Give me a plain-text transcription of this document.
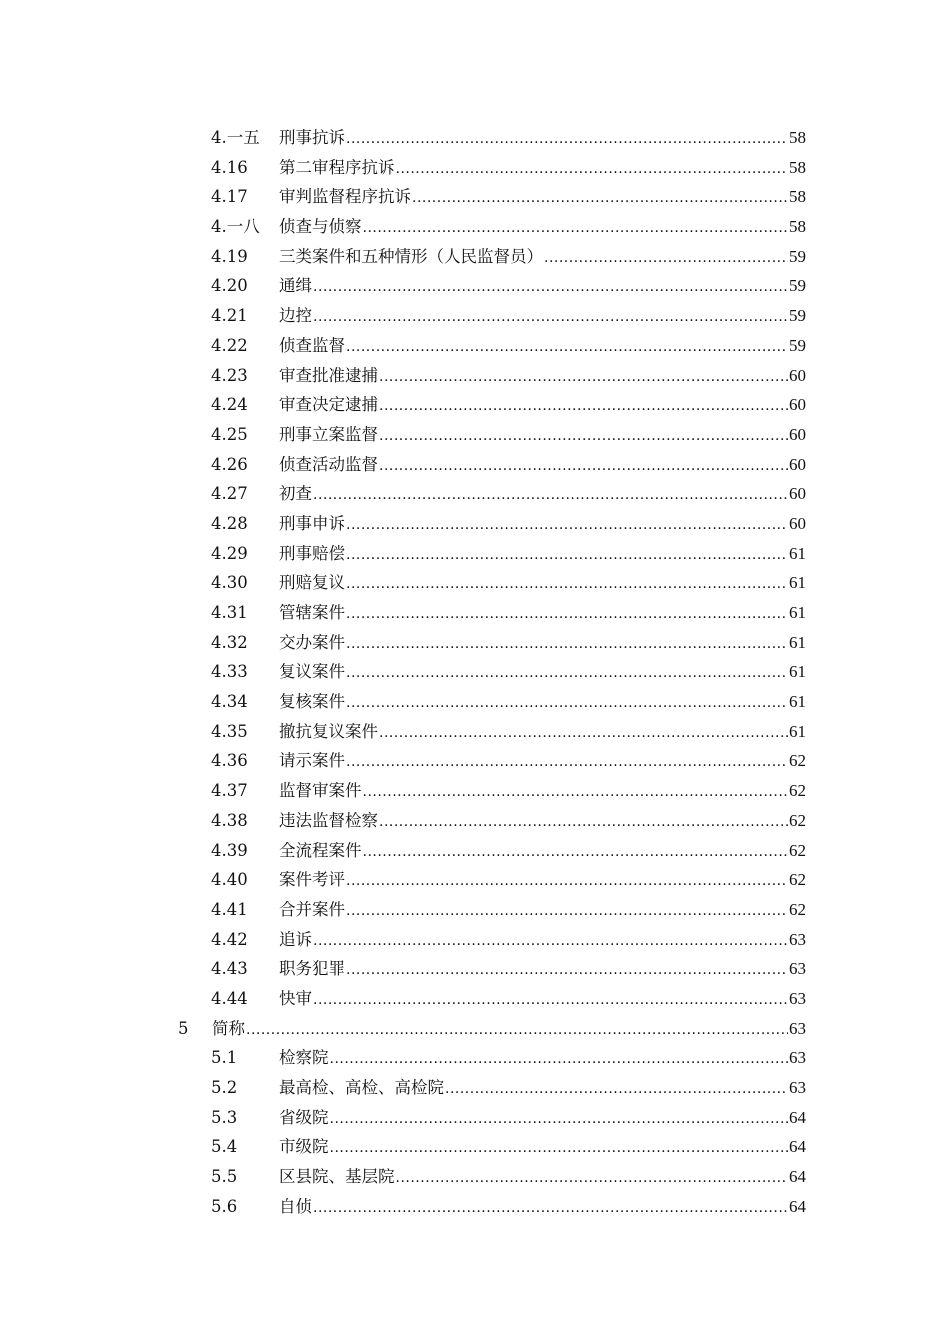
4.一五 刑事抗诉 .....	58
4.16 第二审程序抗诉 .....	58
4.17 审判监督程序抗诉 .....	58
4.一八 侦查与侦察 .....	58
4.19 三类案件和五种情形（人民监督员） .....	59
4.20 通缉 .....	59
4.21 边控 .....	59
4.22 侦查监督 .....	59
4.23 审查批准逮捕 .....	60
4.24 审查决定逮捕 .....	60
4.25 刑事立案监督 .....	60
4.26 侦查活动监督 .....	60
4.27 初查 .....	60
4.28 刑事申诉 .....	60
4.29 刑事赔偿 .....	61
4.30 刑赔复议 .....	61
4.31 管辖案件 .....	61
4.32 交办案件 .....	61
4.33 复议案件 .....	61
4.34 复核案件 .....	61
4.35 撤抗复议案件 .....	61
4.36 请示案件 .....	62
4.37 监督审案件 .....	62
4.38 违法监督检察 .....	62
4.39 全流程案件 .....	62
4.40 案件考评 .....	62
4.41 合并案件 .....	62
4.42 追诉 .....	63
4.43 职务犯罪 .....	63
4.44 快审 .....	63
5 简称 .....	63
5.1	检察院 .....	63
5.2	最高检、高检、高检院 .....	63
5.3	省级院 .....	64
5.4	市级院 .....	64
5.5	区县院、基层院 .....	64
5.6	自侦 .....	64
